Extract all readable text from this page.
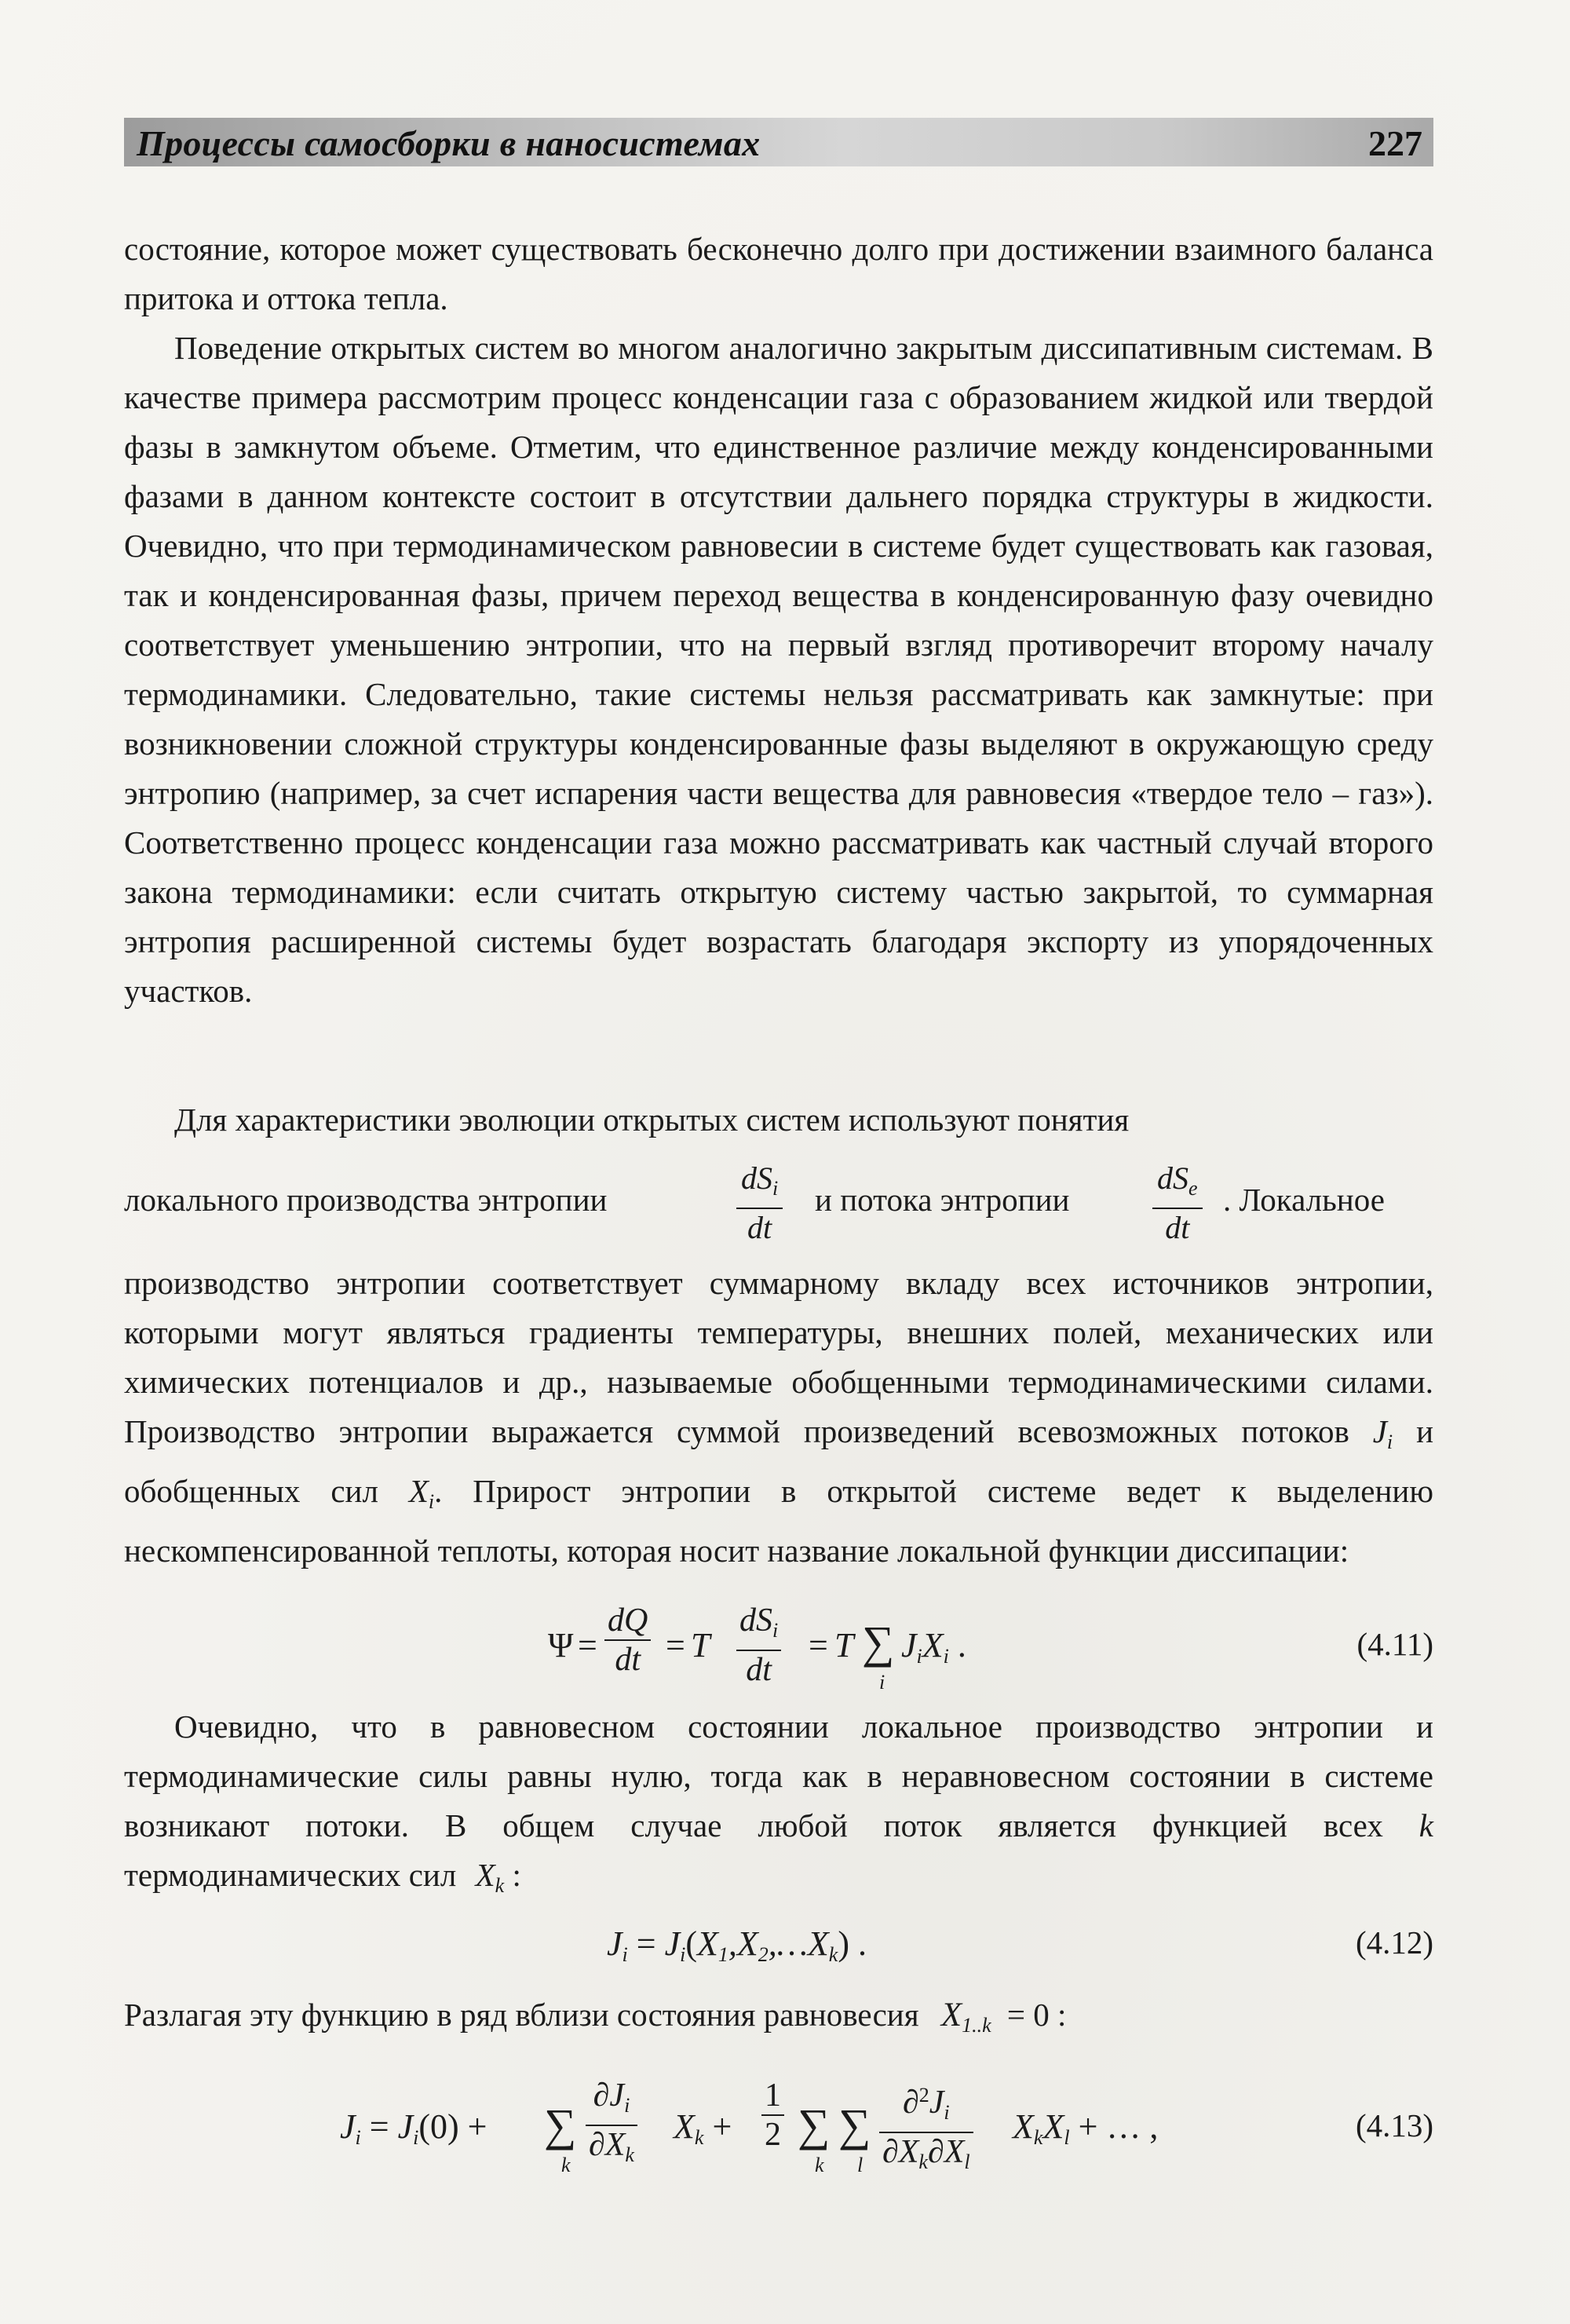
Процессы самосборки в наносистемах	227

состояние, которое может существовать бесконечно долго при достижении взаимного баланса притока и оттока тепла.

Поведение открытых систем во многом аналогично закрытым диссипативным системам. В качестве примера рассмотрим процесс конденсации газа с образованием жидкой или твердой фазы в замкнутом объеме. Отметим, что единственное различие между конденсированными фазами в данном контексте состоит в отсутствии дальнего порядка структуры в жидкости. Очевидно, что при термодинамическом равновесии в системе будет существовать как газовая, так и конденсированная фазы, причем переход вещества в конденсированную фазу очевидно соответствует уменьшению энтропии, что на первый взгляд противоречит второму началу термодинамики. Следовательно, такие системы нельзя рассматривать как замкнутые: при возникновении сложной структуры конденсированные фазы выделяют в окружающую среду энтропию (например, за счет испарения части вещества для равновесия «твердое тело – газ»). Соответственно процесс конденсации газа можно рассматривать как частный случай второго закона термодинамики: если считать открытую систему частью закрытой, то суммарная энтропия расширенной системы будет возрастать благодаря экспорту из упорядоченных участков.

Для характеристики эволюции открытых систем используют понятия
локального производства энтропии
$dS_i$
dt
и потока энтропии
$dS_e$
dt
. Локальное

производство энтропии соответствует суммарному вкладу всех источников энтропии, которыми могут являться градиенты температуры, внешних полей, механических или химических потенциалов и др., называемые обобщенными термодинамическими силами. Производство энтропии выражается суммой произведений всевозможных потоков $J_i$ и обобщенных сил $X_i$. Прирост энтропии в открытой системе ведет к выделению нескомпенсированной теплоты, которая носит название локальной функции диссипации:

$\Psi = \frac{dQ}{dt} = T$
$dS_i$
dt
= T ∑
i
$J_iX_i$ .	(4.11)

Очевидно, что в равновесном состоянии локальное производство энтропии и термодинамические силы равны нулю, тогда как в неравновесном состоянии в системе возникают потоки. В общем случае любой поток является функцией всех k термодинамических сил $X_k$ :

$J_i$ = $J_i(X_1,X_2,\dots X_k)$ .	(4.12)
Разлагая эту функцию в ряд вблизи состояния равновесия $X_{1..k} = 0$ :
$J_i = J_i(0)$ + ∑
k $\frac{\partial J_i}{\partial X_k} X_k + \frac{1}{2}$ ∑
k
∑
l $\frac{\partial^2J_i}{\partial X_k\partial X_l} X_kX_l$ + … ,	(4.13)
